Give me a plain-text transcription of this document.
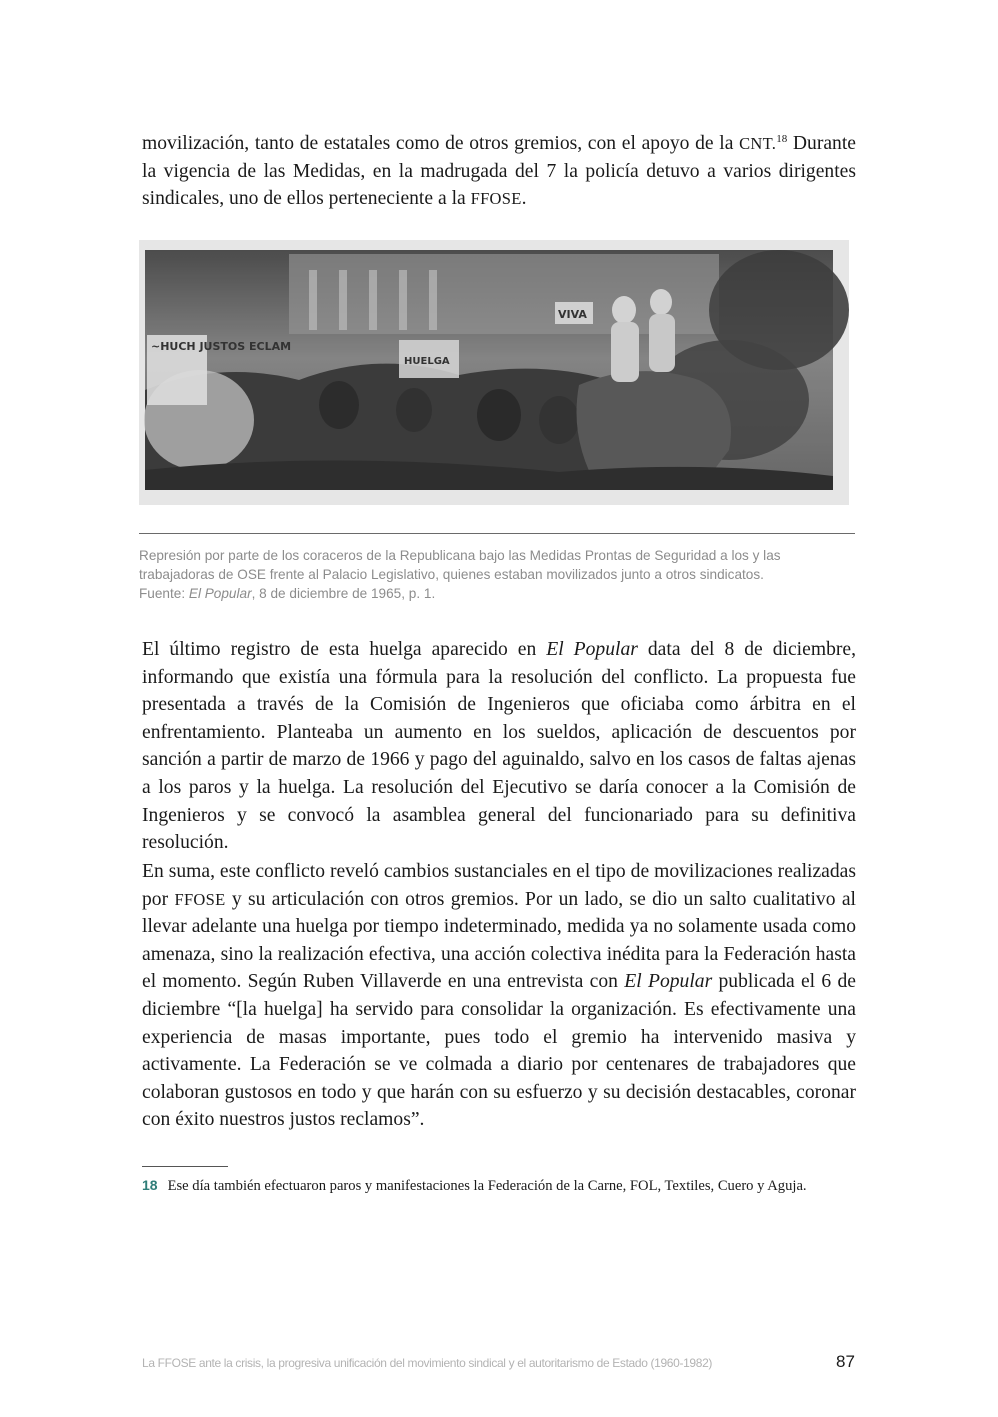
movilización, tanto de estatales como de otros gremios, con el apoyo de la CNT.$^{18}$ Durante la vigencia de las Medidas, en la madrugada del 7 la policía detuvo a varios dirigentes sindicales, uno de ellos perteneciente a la FFOSE.

~HUCH JUSTOS ECLAM
HUELGA
VIVA

Represión por parte de los coraceros de la Republicana bajo las Medidas Prontas de Seguridad a los y las

trabajadoras de OSE frente al Palacio Legislativo, quienes estaban movilizados junto a otros sindicatos.

Fuente: El Popular, 8 de diciembre de 1965, p. 1.

El último registro de esta huelga aparecido en El Popular data del 8 de diciembre, informando que existía una fórmula para la resolución del conflicto. La propuesta fue presentada a través de la Comisión de Ingenieros que oficiaba como árbitra en el enfrentamiento. Planteaba un aumento en los sueldos, aplicación de descuentos por sanción a partir de marzo de 1966 y pago del aguinaldo, salvo en los casos de faltas ajenas a los paros y la huelga. La resolución del Ejecutivo se daría conocer a la Comisión de Ingenieros y se convocó la asamblea general del funcionariado para su definitiva resolución.

En suma, este conflicto reveló cambios sustanciales en el tipo de movilizaciones realizadas por FFOSE y su articulación con otros gremios. Por un lado, se dio un salto cualitativo al llevar adelante una huelga por tiempo indeterminado, medida ya no solamente usada como amenaza, sino la realización efectiva, una acción colectiva inédita para la Federación hasta el momento. Según Ruben Villaverde en una entrevista con El Popular publicada el 6 de diciembre “[la huelga] ha servido para consolidar la organización. Es efectivamente una experiencia de masas importante, pues todo el gremio ha intervenido masiva y activamente. La Federación se ve colmada a diario por centenares de trabajadores que colaboran gustosos en todo y que harán con su esfuerzo y su decisión destacables, coronar con éxito nuestros justos reclamos”.

18 Ese día también efectuaron paros y manifestaciones la Federación de la Carne, FOL, Textiles, Cuero y Aguja.
La FFOSE ante la crisis, la progresiva unificación del movimiento sindical y el autoritarismo de Estado (1960-1982)	87
